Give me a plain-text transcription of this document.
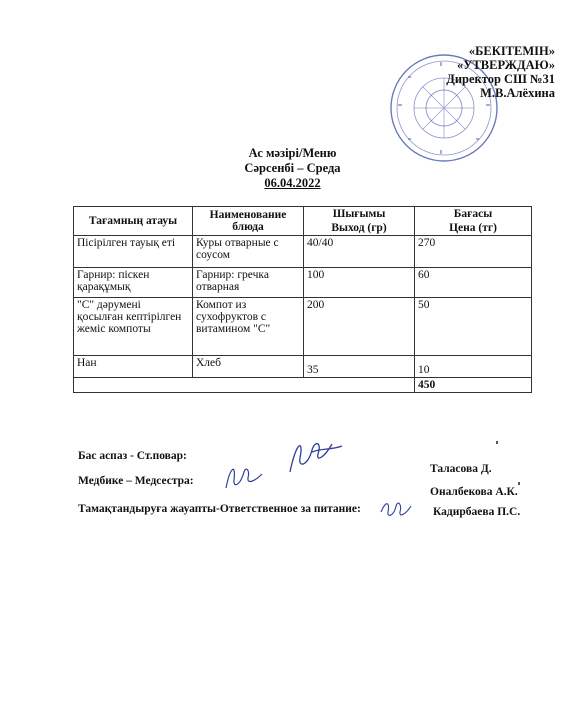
«БЕКІТЕМІН»
«УТВЕРЖДАЮ»
Директор СШ №31
М.В.Алёхина
Ас мәзірі/Меню
Сәрсенбі – Среда
06.04.2022
Тағамның атауы	Наименование блюда	Шығымы	Бағасы
		Выход (гр)	Цена (тг)
Пісірілген тауық еті	Куры отварные с соусом	40/40	270
Гарнир: піскен қарақұмық	Гарнир: гречка отварная	100	60
"С" дәрумені қосылған кептірілген жеміс компоты	Компот из сухофруктов с витамином "С"	200	50
Нан	Хлеб	35	10
			450
Бас аспаз - Ст.повар:
Таласова Д.
Медбике – Медсестра:
Оналбекова А.К.
Тамақтандыруға жауапты-Ответственное за питание:	Кадирбаева П.С.
